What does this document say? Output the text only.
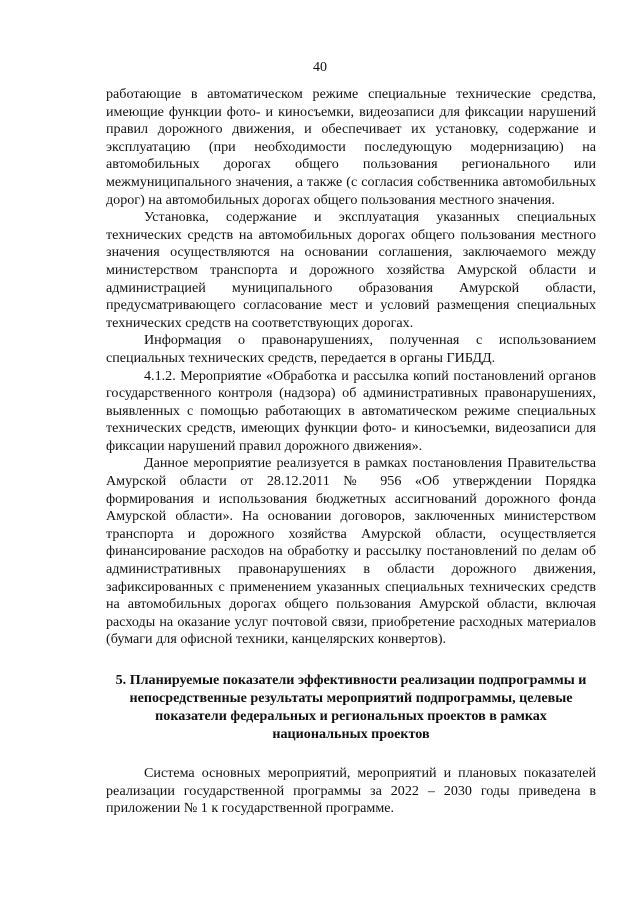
40

работающие в автоматическом режиме специальные технические средства, имеющие функции фото- и киносъемки, видеозаписи для фиксации нарушений правил дорожного движения, и обеспечивает их установку, содержание и эксплуатацию (при необходимости последующую модернизацию) на автомобильных дорогах общего пользования регионального или межмуниципального значения, а также (с согласия собственника автомобильных дорог) на автомобильных дорогах общего пользования местного значения.

Установка, содержание и эксплуатация указанных специальных технических средств на автомобильных дорогах общего пользования местного значения осуществляются на основании соглашения, заключаемого между министерством транспорта и дорожного хозяйства Амурской области и администрацией муниципального образования Амурской области, предусматривающего согласование мест и условий размещения специальных технических средств на соответствующих дорогах.

Информация о правонарушениях, полученная с использованием специальных технических средств, передается в органы ГИБДД.

4.1.2. Мероприятие «Обработка и рассылка копий постановлений органов государственного контроля (надзора) об административных правонарушениях, выявленных с помощью работающих в автоматическом режиме специальных технических средств, имеющих функции фото- и киносъемки, видеозаписи для фиксации нарушений правил дорожного движения».

Данное мероприятие реализуется в рамках постановления Правительства Амурской области от 28.12.2011 № 956 «Об утверждении Порядка формирования и использования бюджетных ассигнований дорожного фонда Амурской области». На основании договоров, заключенных министерством транспорта и дорожного хозяйства Амурской области, осуществляется финансирование расходов на обработку и рассылку постановлений по делам об административных правонарушениях в области дорожного движения, зафиксированных с применением указанных специальных технических средств на автомобильных дорогах общего пользования Амурской области, включая расходы на оказание услуг почтовой связи, приобретение расходных материалов (бумаги для офисной техники, канцелярских конвертов).

5. Планируемые показатели эффективности реализации подпрограммы и непосредственные результаты мероприятий подпрограммы, целевые показатели федеральных и региональных проектов в рамках национальных проектов

Система основных мероприятий, мероприятий и плановых показателей реализации государственной программы за 2022 – 2030 годы приведена в приложении № 1 к государственной программе.
